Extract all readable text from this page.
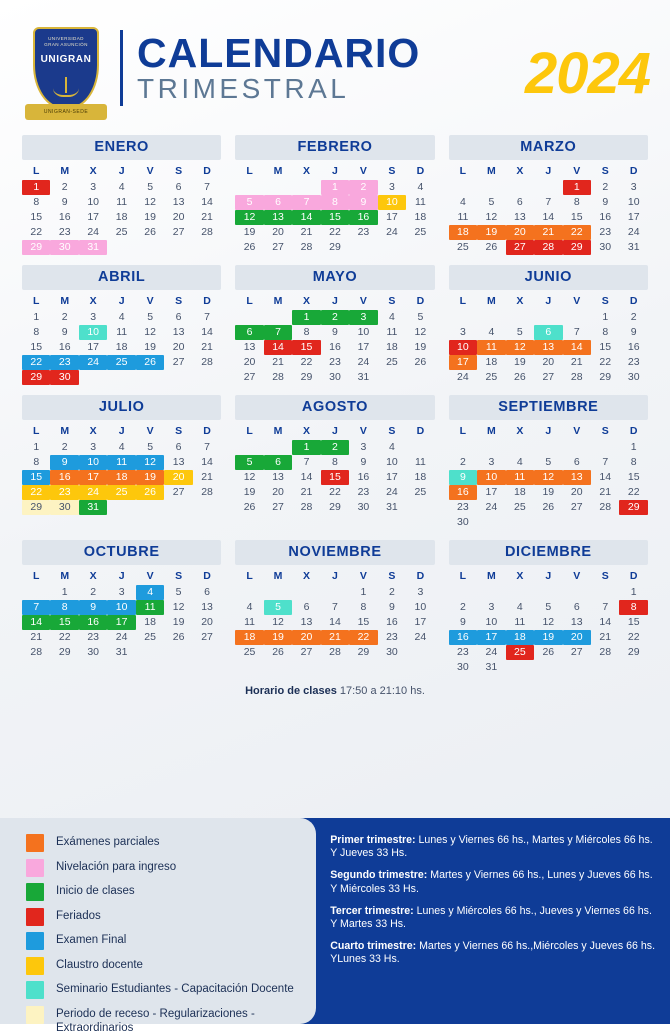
UNIVERSIDAD
GRAN ASUNCIÓN
UNIGRAN
UNIGRAN-SEDE
CALENDARIO
TRIMESTRAL	2024
ENERO
L	M	X	J	V	S	D

1	2	3	4	5	6	7

8	9	10	11	12	13	14

15	16	17	18	19	20	21

22	23	24	25	26	27	28

29	30	31				

FEBRERO
L	M	X	J	V	S	D

			1	2	3	4

5	6	7	8	9	10	11

12	13	14	15	16	17	18

19	20	21	22	23	24	25

26	27	28	29			

MARZO
L	M	X	J	V	S	D

				1	2	3

4	5	6	7	8	9	10

11	12	13	14	15	16	17

18	19	20	21	22	23	24

25	26	27	28	29	30	31
ABRIL
L	M	X	J	V	S	D

1	2	3	4	5	6	7

8	9	10	11	12	13	14

15	16	17	18	19	20	21

22	23	24	25	26	27	28

29	30					

MAYO
L	M	X	J	V	S	D

		1	2	3	4	5

6	7	8	9	10	11	12

13	14	15	16	17	18	19

20	21	22	23	24	25	26

27	28	29	30	31		

JUNIO
L	M	X	J	V	S	D

					1	2

3	4	5	6	7	8	9

10	11	12	13	14	15	16

17	18	19	20	21	22	23

24	25	26	27	28	29	30
JULIO
L	M	X	J	V	S	D

1	2	3	4	5	6	7

8	9	10	11	12	13	14

15	16	17	18	19	20	21

22	23	24	25	26	27	28

29	30	31				

AGOSTO
L	M	X	J	V	S	D

		1	2	3	4	

5	6	7	8	9	10	11

12	13	14	15	16	17	18

19	20	21	22	23	24	25

26	27	28	29	30	31	

SEPTIEMBRE
L	M	X	J	V	S	D

						1

2	3	4	5	6	7	8

9	10	11	12	13	14	15

16	17	18	19	20	21	22

23	24	25	26	27	28	29

30						

OCTUBRE
L	M	X	J	V	S	D

	1	2	3	4	5	6

7	8	9	10	11	12	13

14	15	16	17	18	19	20

21	22	23	24	25	26	27

28	29	30	31			

NOVIEMBRE
L	M	X	J	V	S	D

				1	2	3

4	5	6	7	8	9	10

11	12	13	14	15	16	17

18	19	20	21	22	23	24

25	26	27	28	29	30	

DICIEMBRE
L	M	X	J	V	S	D

						1

2	3	4	5	6	7	8

9	10	11	12	13	14	15

16	17	18	19	20	21	22

23	24	25	26	27	28	29

30	31					

Horario de clases 17:50 a 21:10 hs.
Exámenes parciales
Nivelación para ingreso
Inicio de clases
Feriados
Examen Final
Claustro docente
Seminario Estudiantes - Capacitación Docente
Periodo de receso - Regularizaciones - Extraordinarios
Primer trimestre: Lunes y Viernes 66 hs., Martes y Miércoles 66 hs. Y Jueves 33 Hs.
Segundo trimestre: Martes y Viernes 66 hs., Lunes y Jueves 66 hs. Y Miércoles 33 Hs.
Tercer trimestre: Lunes y Miércoles 66 hs., Jueves y Viernes 66 hs. Y Martes 33 Hs.
Cuarto trimestre: Martes y Viernes 66 hs.,Miércoles y Jueves 66 hs. YLunes 33 Hs.
